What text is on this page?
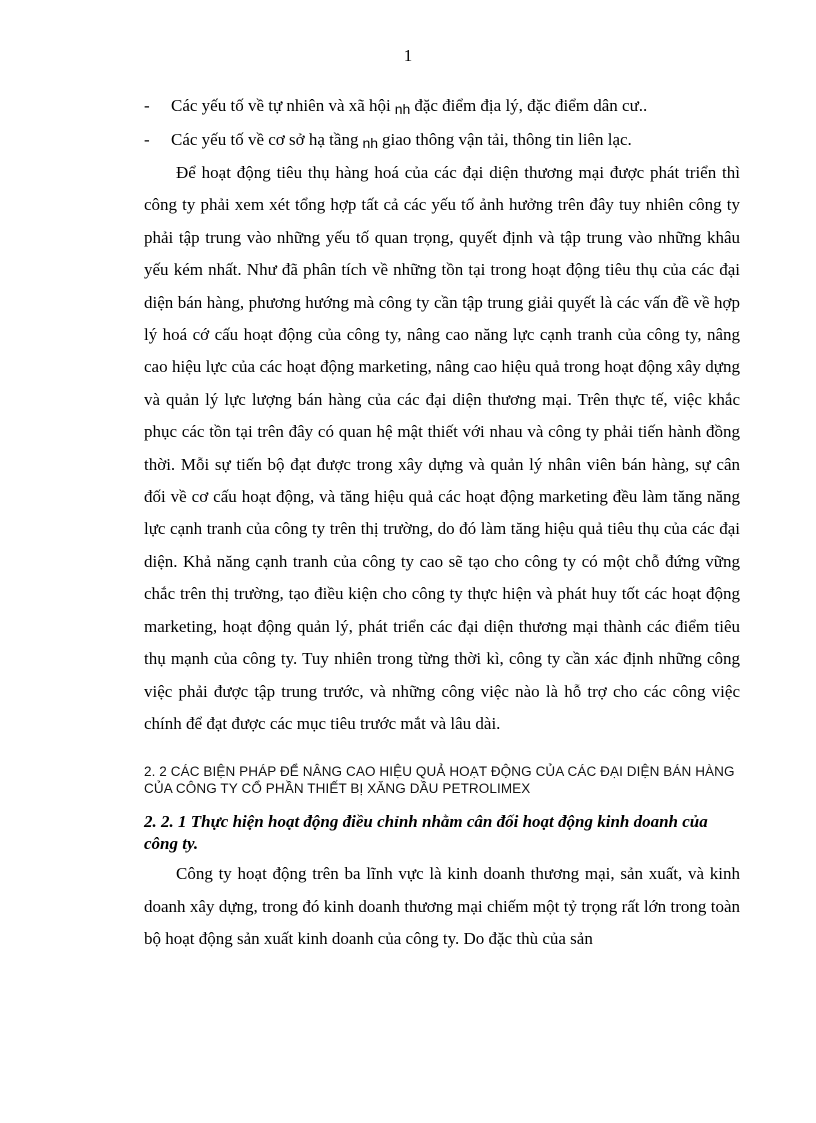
1
- Các yếu tố về tự nhiên và xã hội nh đặc điểm địa lý, đặc điểm dân cư..
- Các yếu tố về cơ sở hạ tầng nh giao thông vận tải, thông tin liên lạc.

Để hoạt động tiêu thụ hàng hoá của các đại diện thương mại được phát triển thì công ty phải xem xét tổng hợp tất cả các yếu tố ảnh hưởng trên đây tuy nhiên công ty phải tập trung vào những yếu tố quan trọng, quyết định và tập trung vào những khâu yếu kém nhất. Như đã phân tích về những tồn tại trong hoạt động tiêu thụ của các đại diện bán hàng, phương hướng mà công ty cần tập trung giải quyết là các vấn đề về hợp lý hoá cớ cấu hoạt động của công ty, nâng cao năng lực cạnh tranh của công ty, nâng cao hiệu lực của các hoạt động marketing, nâng cao hiệu quả trong hoạt động xây dựng và quản lý lực lượng bán hàng của các đại diện thương mại. Trên thực tế, việc khắc phục các tồn tại trên đây có quan hệ mật thiết với nhau và công ty phải tiến hành đồng thời. Mỗi sự tiến bộ đạt được trong xây dựng và quản lý nhân viên bán hàng, sự cân đối về cơ cấu hoạt động, và tăng hiệu quả các hoạt động marketing đều làm tăng năng lực cạnh tranh của công ty trên thị trường, do đó làm tăng hiệu quả tiêu thụ của các đại diện. Khả năng cạnh tranh của công ty cao sẽ tạo cho công ty có một chỗ đứng vững chắc trên thị trường, tạo điều kiện cho công ty thực hiện và phát huy tốt các hoạt động marketing, hoạt động quản lý, phát triển các đại diện thương mại thành các điểm tiêu thụ mạnh của công ty. Tuy nhiên trong từng thời kì, công ty cần xác định những công việc phải được tập trung trước, và những công việc nào là hỗ trợ cho các công việc chính để đạt được các mục tiêu trước mắt và lâu dài.

2. 2 CÁC BIỆN PHÁP ĐỂ NÂNG CAO HIỆU QUẢ HOẠT ĐỘNG CỦA CÁC ĐẠI DIỆN BÁN HÀNG CỦA CÔNG TY CỔ PHẦN THIẾT BỊ XĂNG DẦU PETROLIMEX
2. 2. 1 Thực hiện hoạt động điều chỉnh nhằm cân đối hoạt động kinh doanh của công ty.

Công ty hoạt động trên ba lĩnh vực là kinh doanh thương mại, sản xuất, và kinh doanh xây dựng, trong đó kinh doanh thương mại chiếm một tỷ trọng rất lớn trong toàn bộ hoạt động sản xuất kinh doanh của công ty. Do đặc thù của sản
